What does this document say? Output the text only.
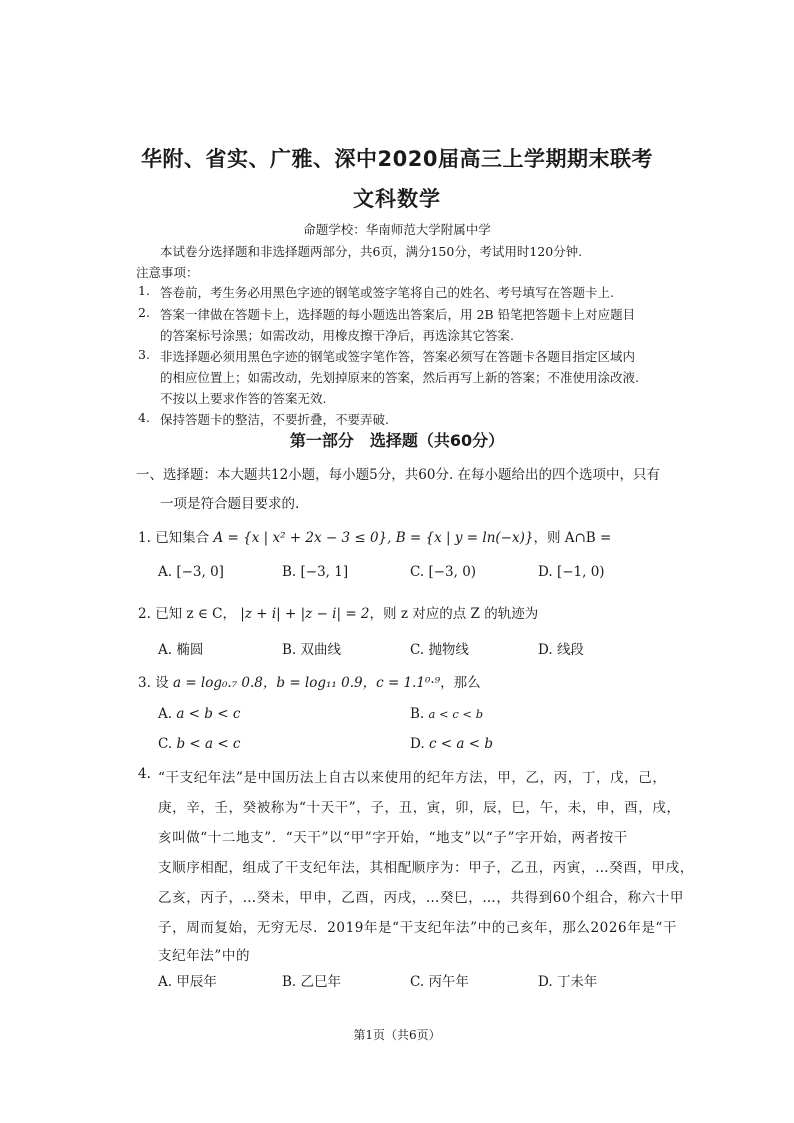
华附、省实、广雅、深中2020届高三上学期期末联考
文科数学
命题学校：华南师范大学附属中学
本试卷分选择题和非选择题两部分，共6页，满分150分，考试用时120分钟.
注意事项：
1. 答卷前，考生务必用黑色字迹的钢笔或签字笔将自己的姓名、考号填写在答题卡上.
2. 答案一律做在答题卡上，选择题的每小题选出答案后，用 2B 铅笔把答题卡上对应题目
的答案标号涂黑；如需改动，用橡皮擦干净后，再选涂其它答案.
3. 非选择题必须用黑色字迹的钢笔或签字笔作答，答案必须写在答题卡各题目指定区域内
的相应位置上；如需改动，先划掉原来的答案，然后再写上新的答案；不准使用涂改液.
不按以上要求作答的答案无效.
4. 保持答题卡的整洁，不要折叠，不要弄破.
第一部分　选择题（共60分）
一、选择题：本大题共12小题，每小题5分，共60分. 在每小题给出的四个选项中，只有
一项是符合题目要求的.
1. 已知集合 A = {x | x² + 2x − 3 ≤ 0}, B = {x | y = ln(−x)}，则 A∩B =
A. [−3, 0]	B. [−3, 1]	C. [−3, 0)	D. [−1, 0)
2. 已知 z ∈ C， |z + i| + |z − i| = 2，则 z 对应的点 Z 的轨迹为
A. 椭圆	B. 双曲线	C. 抛物线	D. 线段
3. 设 a = log₀.₇ 0.8，b = log₁₁ 0.9，c = 1.1⁰·⁹，那么
A. a < b < c	B. a < c < b
C. b < a < c	D. c < a < b
4. “干支纪年法”是中国历法上自古以来使用的纪年方法，甲，乙，丙，丁，戊，己，
庚，辛，壬，癸被称为“十天干”，子，丑，寅，卯，辰，巳，午，未，申，酉，戌，
亥叫做“十二地支”．“天干”以“甲”字开始，“地支”以“子”字开始，两者按干
支顺序相配，组成了干支纪年法，其相配顺序为：甲子，乙丑，丙寅，…癸酉，甲戌，
乙亥，丙子，…癸未，甲申，乙酉，丙戌，…癸巳，…，共得到60个组合，称六十甲
子，周而复始，无穷无尽．2019年是“干支纪年法”中的己亥年，那么2026年是“干
支纪年法”中的
A. 甲辰年	B. 乙巳年	C. 丙午年	D. 丁未年
第1页（共6页）
